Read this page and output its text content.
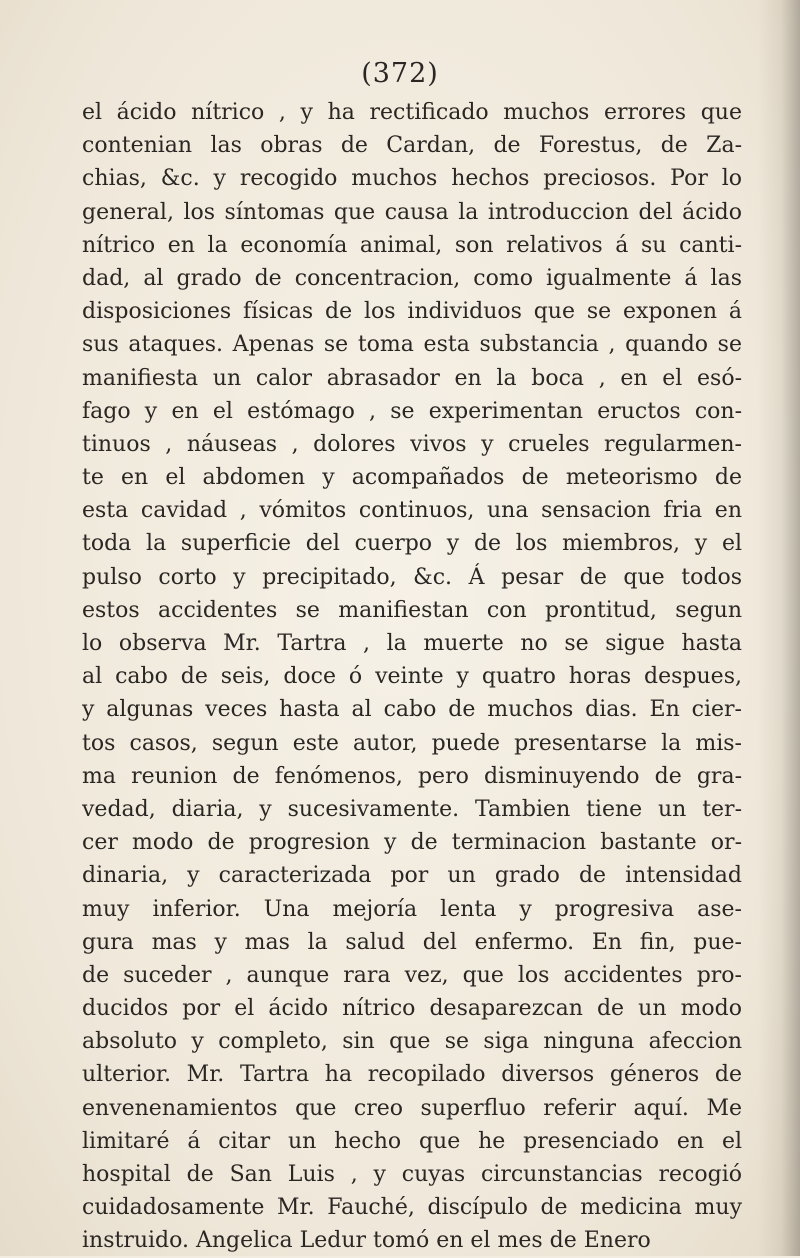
(372)

el ácido nítrico , y ha rectificado muchos errores que
contenian las obras de Cardan, de Forestus, de Za-
chias, &c. y recogido muchos hechos preciosos. Por lo
general, los síntomas que causa la introduccion del ácido
nítrico en la economía animal, son relativos á su canti-
dad, al grado de concentracion, como igualmente á las
disposiciones físicas de los individuos que se exponen á
sus ataques. Apenas se toma esta substancia , quando se
manifiesta un calor abrasador en la boca , en el esó-
fago y en el estómago , se experimentan eructos con-
tinuos , náuseas , dolores vivos y crueles regularmen-
te en el abdomen y acompañados de meteorismo de
esta cavidad , vómitos continuos, una sensacion fria en
toda la superficie del cuerpo y de los miembros, y el
pulso corto y precipitado, &c. Á pesar de que todos
estos accidentes se manifiestan con prontitud, segun
lo observa Mr. Tartra , la muerte no se sigue hasta
al cabo de seis, doce ó veinte y quatro horas despues,
y algunas veces hasta al cabo de muchos dias. En cier-
tos casos, segun este autor, puede presentarse la mis-
ma reunion de fenómenos, pero disminuyendo de gra-
vedad, diaria, y sucesivamente. Tambien tiene un ter-
cer modo de progresion y de terminacion bastante or-
dinaria, y caracterizada por un grado de intensidad
muy inferior. Una mejoría lenta y progresiva ase-
gura mas y mas la salud del enfermo. En fin, pue-
de suceder , aunque rara vez, que los accidentes pro-
ducidos por el ácido nítrico desaparezcan de un modo
absoluto y completo, sin que se siga ninguna afeccion
ulterior. Mr. Tartra ha recopilado diversos géneros de
envenenamientos que creo superfluo referir aquí. Me
limitaré á citar un hecho que he presenciado en el
hospital de San Luis , y cuyas circunstancias recogió
cuidadosamente Mr. Fauché, discípulo de medicina muy
instruido. Angelica Ledur tomó en el mes de Enero
